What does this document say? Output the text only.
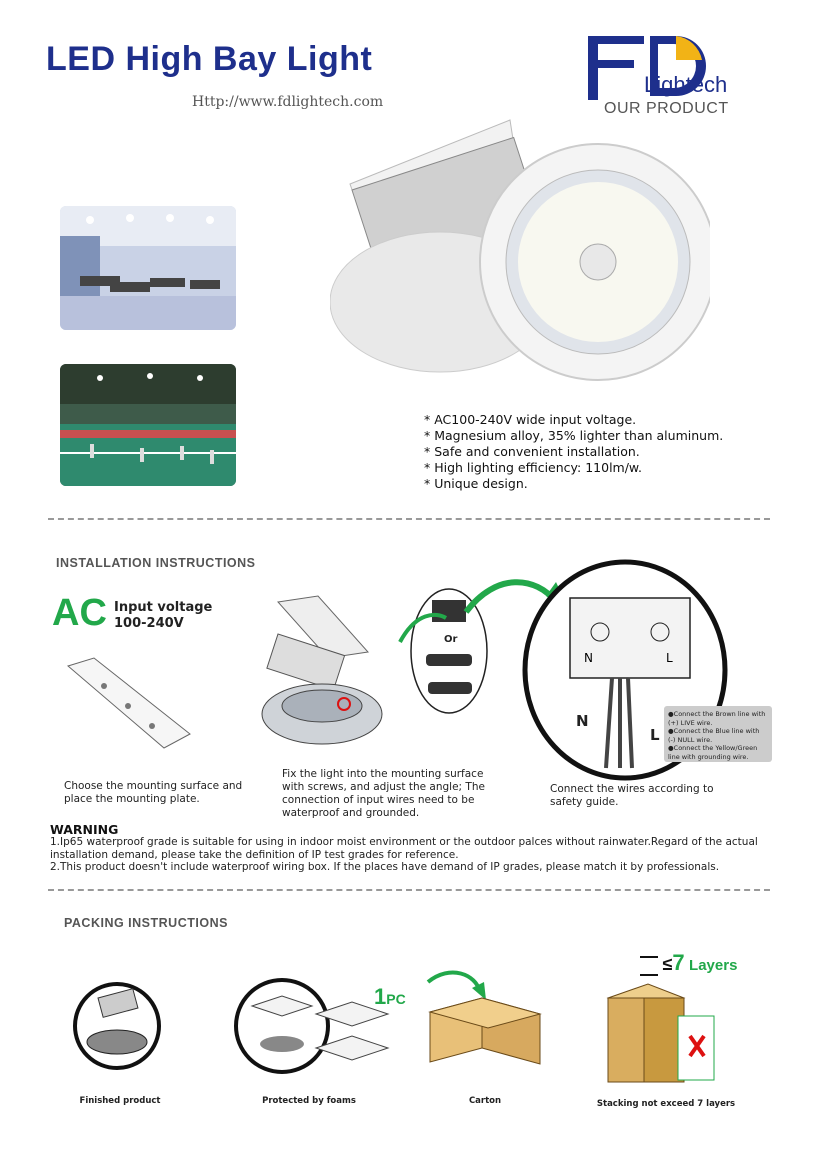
LED High Bay Light
Http://www.fdlightech.com
Lightech
OUR PRODUCT
* AC100-240V wide input voltage.
* Magnesium alloy, 35% lighter than aluminum.
* Safe and convenient installation.
* High lighting efficiency: 110lm/w.
* Unique design.
INSTALLATION INSTRUCTIONS
AC Input voltage
100-240V
Choose the mounting surface and place the mounting plate.
Fix the light into the mounting surface with screws, and adjust the angle; The connection of input wires need to be waterproof and grounded.
Or
N	L
N
L
●Connect the Brown line with (+) LIVE wire.
●Connect the Blue line with (-) NULL wire.
●Connect the Yellow/Green line with grounding wire.
Connect the wires according to safety guide.
WARNING
1.Ip65 waterproof grade is suitable for using in indoor moist environment or the outdoor palces without rainwater.Regard of the actual installation demand, please take the definition of IP test grades for reference.
2.This product doesn't include waterproof wiring box. If the places have demand of IP grades, please match it by professionals.
PACKING INSTRUCTIONS
Finished product	Protected by foams
1PC
Carton
≤7 Layers
Stacking not exceed 7 layers
